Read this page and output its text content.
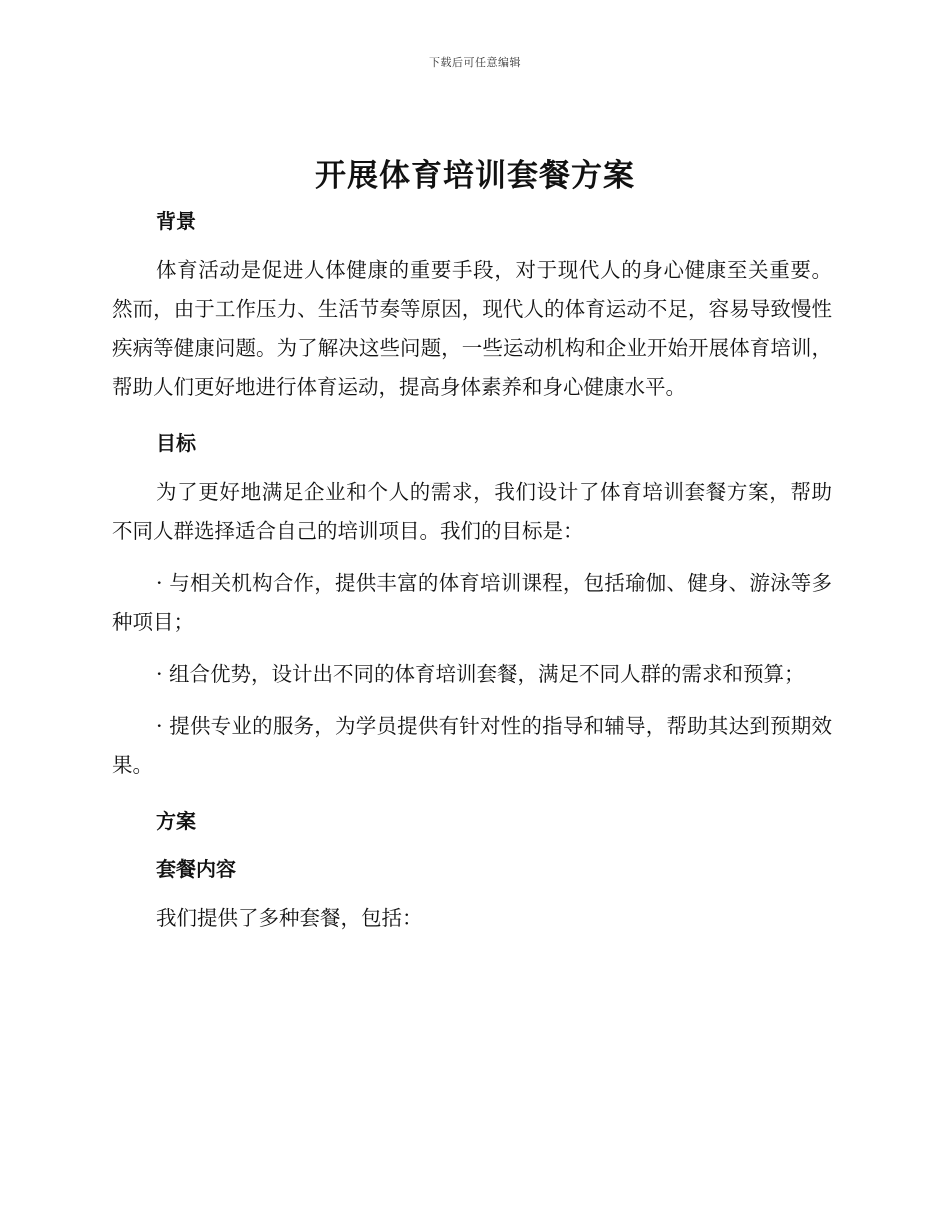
下载后可任意编辑
开展体育培训套餐方案
背景

体育活动是促进人体健康的重要手段，对于现代人的身心健康至关重要。然而，由于工作压力、生活节奏等原因，现代人的体育运动不足，容易导致慢性疾病等健康问题。为了解决这些问题，一些运动机构和企业开始开展体育培训，帮助人们更好地进行体育运动，提高身体素养和身心健康水平。

目标

为了更好地满足企业和个人的需求，我们设计了体育培训套餐方案，帮助不同人群选择适合自己的培训项目。我们的目标是：

· 与相关机构合作，提供丰富的体育培训课程，包括瑜伽、健身、游泳等多种项目；

· 组合优势，设计出不同的体育培训套餐，满足不同人群的需求和预算；

· 提供专业的服务，为学员提供有针对性的指导和辅导，帮助其达到预期效果。

方案
套餐内容

我们提供了多种套餐，包括：
